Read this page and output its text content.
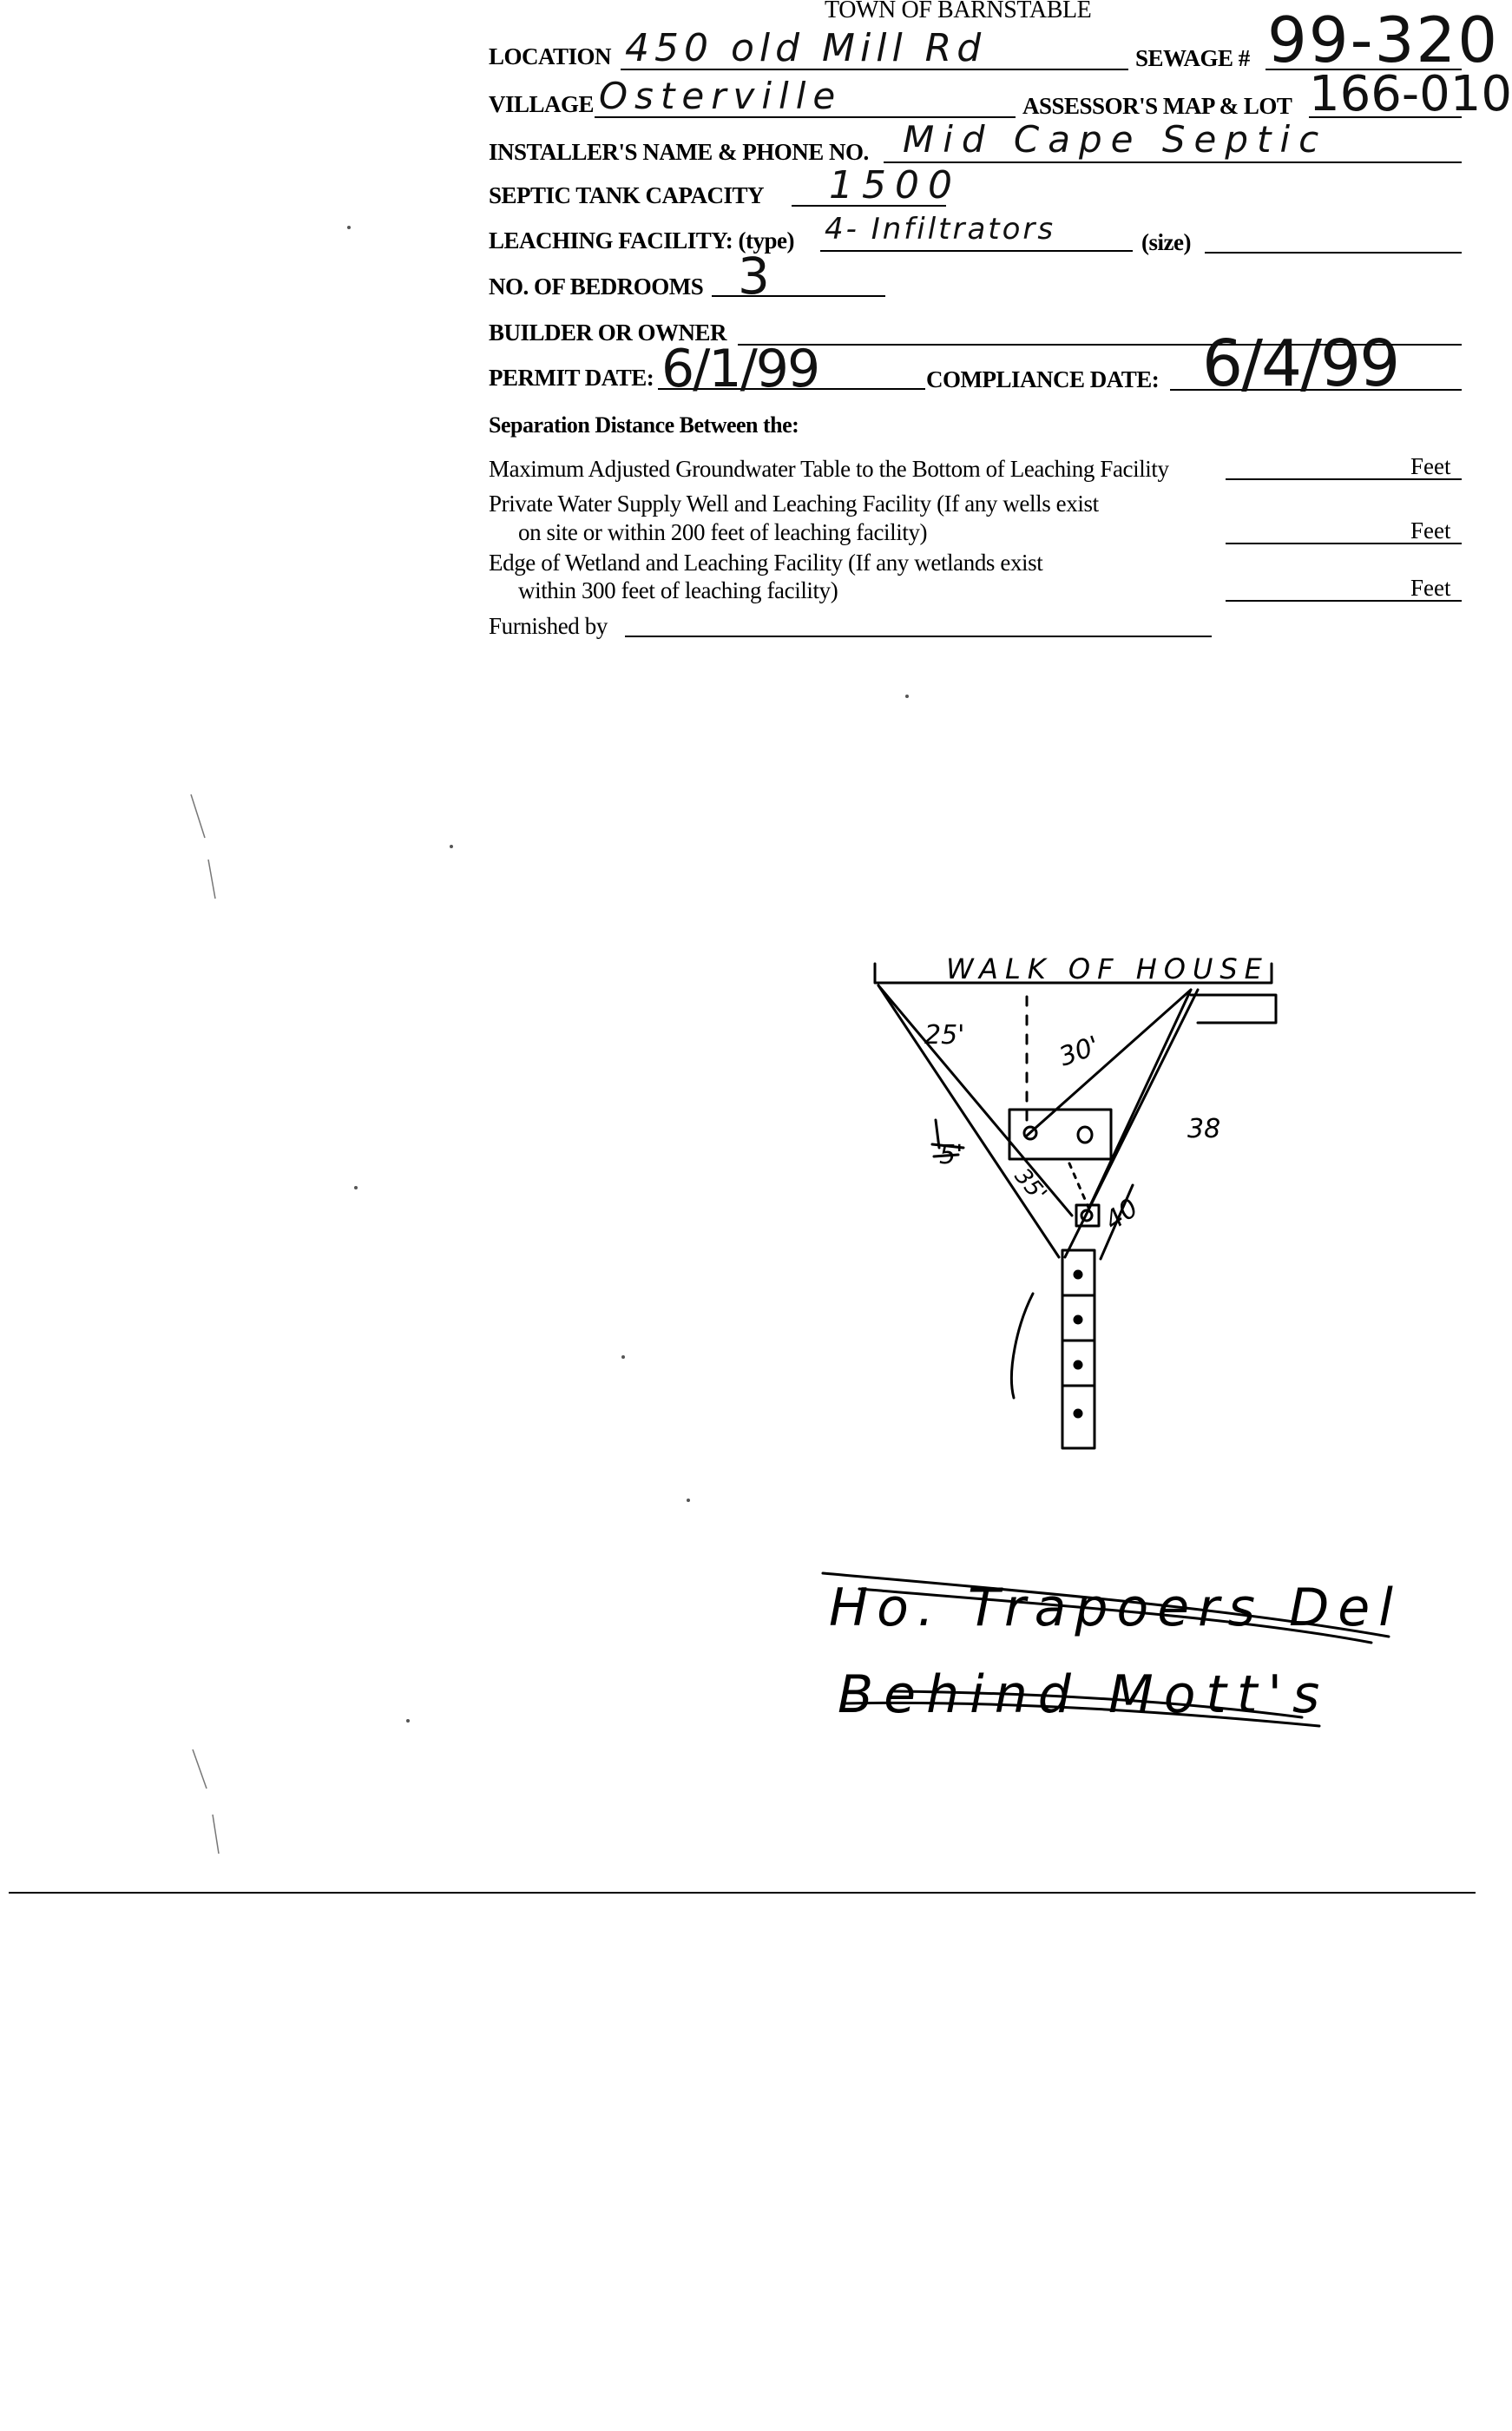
TOWN OF BARNSTABLE
LOCATION 450 old Mill Rd	SEWAGE # 99-320
VILLAGE Osterville	ASSESSOR'S MAP & LOT 166-010
INSTALLER'S NAME & PHONE NO. Mid Cape Septic
SEPTIC TANK CAPACITY 1500
LEACHING FACILITY: (type) 4- Infiltrators	(size)
NO. OF BEDROOMS 3
BUILDER OR OWNER
PERMIT DATE: 6/1/99	COMPLIANCE DATE: 6/4/99
Separation Distance Between the:
Maximum Adjusted Groundwater Table to the Bottom of Leaching Facility	Feet
Private Water Supply Well and Leaching Facility (If any wells exist
on site or within 200 feet of leaching facility)	Feet
Edge of Wetland and Leaching Facility (If any wetlands exist
within 300 feet of leaching facility)	Feet
Furnished by
WALK OF HOUSE
25'	30'
5'
35'
38
40
Ho. Trapoers Del
Behind Mott's
